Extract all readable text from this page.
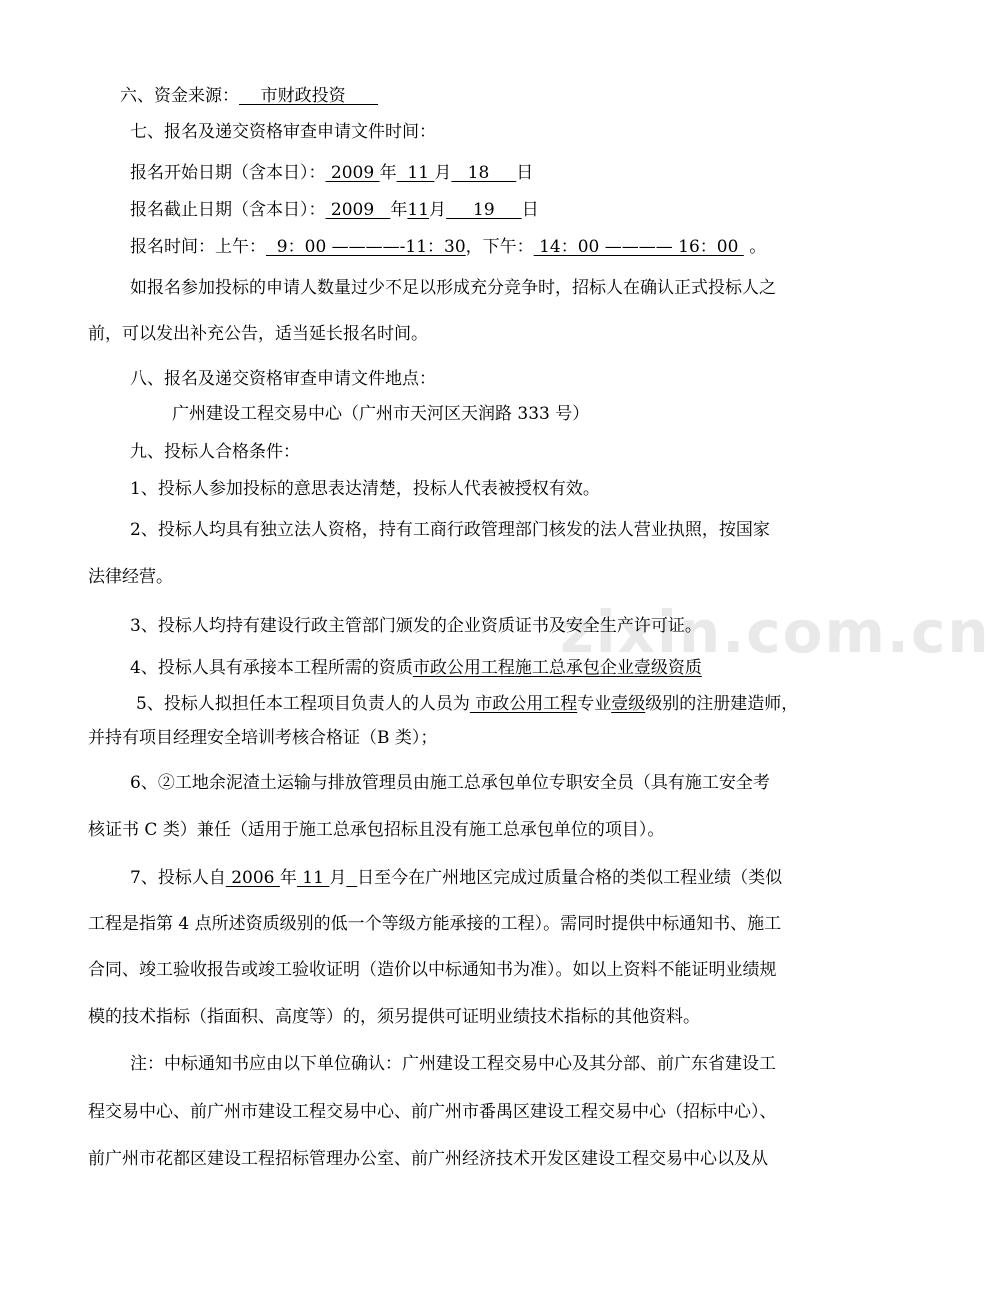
zixin.com.cn
六、资金来源：    市财政投资
七、报名及递交资格审查申请文件时间：
报名开始日期（含本日）： 2009 年  11 月   18     日
报名截止日期（含本日）： 2009   年11月     19     日
报名时间：上午：  9：00 ————-11：30，下午： 14：00 ———— 16：00  。
如报名参加投标的申请人数量过少不足以形成充分竞争时，招标人在确认正式投标人之
前，可以发出补充公告，适当延长报名时间。
八、报名及递交资格审查申请文件地点：
广州建设工程交易中心（广州市天河区天润路 333 号）
九、投标人合格条件：
1、投标人参加投标的意思表达清楚，投标人代表被授权有效。
2、投标人均具有独立法人资格，持有工商行政管理部门核发的法人营业执照，按国家
法律经营。
3、投标人均持有建设行政主管部门颁发的企业资质证书及安全生产许可证。
4、投标人具有承接本工程所需的资质市政公用工程施工总承包企业壹级资质
5、投标人拟担任本工程项目负责人的人员为 市政公用工程专业壹级级别的注册建造师，
并持有项目经理安全培训考核合格证（B 类）；
6、②工地余泥渣土运输与排放管理员由施工总承包单位专职安全员（具有施工安全考
核证书 C 类）兼任（适用于施工总承包招标且没有施工总承包单位的项目）。
7、投标人自 2006 年 11 月 日至今在广州地区完成过质量合格的类似工程业绩（类似
工程是指第 4 点所述资质级别的低一个等级方能承接的工程）。需同时提供中标通知书、施工
合同、竣工验收报告或竣工验收证明（造价以中标通知书为准）。如以上资料不能证明业绩规
模的技术指标（指面积、高度等）的，须另提供可证明业绩技术指标的其他资料。
注：中标通知书应由以下单位确认：广州建设工程交易中心及其分部、前广东省建设工
程交易中心、前广州市建设工程交易中心、前广州市番禺区建设工程交易中心（招标中心）、
前广州市花都区建设工程招标管理办公室、前广州经济技术开发区建设工程交易中心以及从
